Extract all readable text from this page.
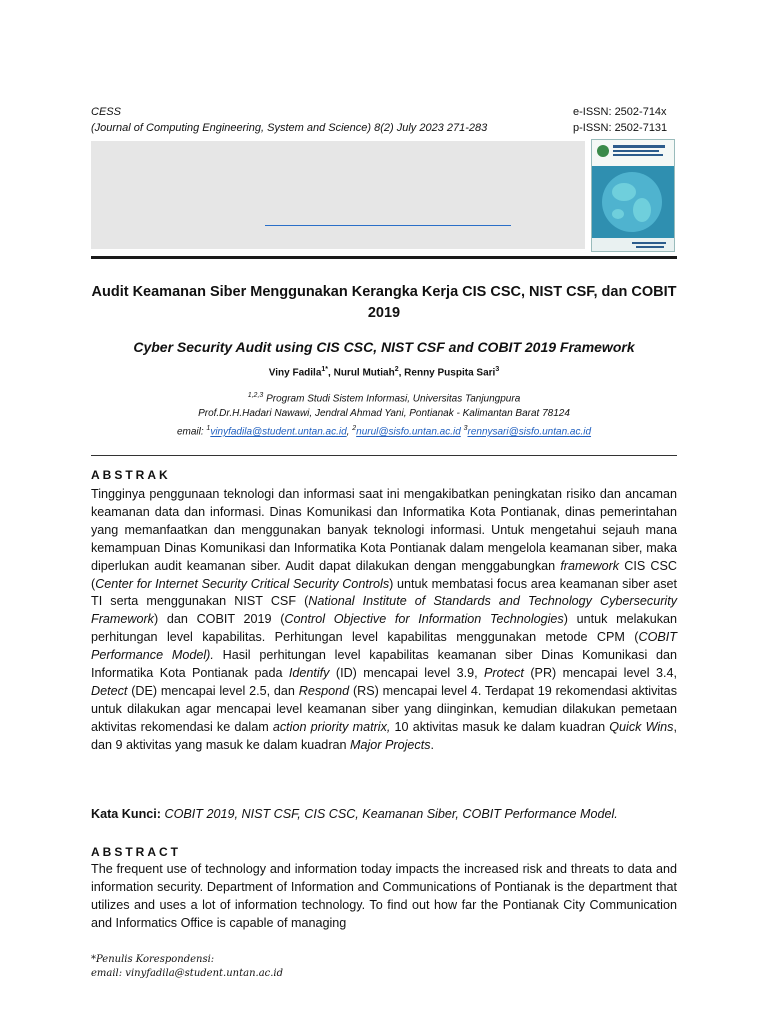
CESS
(Journal of Computing Engineering, System and Science) 8(2) July 2023 271-283
e-ISSN: 2502-714x
p-ISSN: 2502-7131
Audit Keamanan Siber Menggunakan Kerangka Kerja CIS CSC, NIST CSF, dan COBIT 2019
Cyber Security Audit using CIS CSC, NIST CSF and COBIT 2019 Framework
Viny Fadila$^{1*}$, Nurul Mutiah$^2$, Renny Puspita Sari$^3$
$^{1,2,3}$ Program Studi Sistem Informasi, Universitas Tanjungpura
Prof.Dr.H.Hadari Nawawi, Jendral Ahmad Yani, Pontianak - Kalimantan Barat 78124
email: $^1$vinyfadila@student.untan.ac.id, $^2$nurul@sisfo.untan.ac.id $^3$rennysari@sisfo.untan.ac.id
ABSTRAK
Tingginya penggunaan teknologi dan informasi saat ini mengakibatkan peningkatan risiko dan ancaman keamanan data dan informasi. Dinas Komunikasi dan Informatika Kota Pontianak, dinas pemerintahan yang memanfaatkan dan menggunakan banyak teknologi informasi. Untuk mengetahui sejauh mana kemampuan Dinas Komunikasi dan Informatika Kota Pontianak dalam mengelola keamanan siber, maka diperlukan audit keamanan siber. Audit dapat dilakukan dengan menggabungkan framework CIS CSC (Center for Internet Security Critical Security Controls) untuk membatasi focus area keamanan siber aset TI serta menggunakan NIST CSF (National Institute of Standards and Technology Cybersecurity Framework) dan COBIT 2019 (Control Objective for Information Technologies) untuk melakukan perhitungan level kapabilitas. Perhitungan level kapabilitas menggunakan metode CPM (COBIT Performance Model). Hasil perhitungan level kapabilitas keamanan siber Dinas Komunikasi dan Informatika Kota Pontianak pada Identify (ID) mencapai level 3.9, Protect (PR) mencapai level 3.4, Detect (DE) mencapai level 2.5, dan Respond (RS) mencapai level 4. Terdapat 19 rekomendasi aktivitas untuk dilakukan agar mencapai level keamanan siber yang diinginkan, kemudian dilakukan pemetaan aktivitas rekomendasi ke dalam action priority matrix, 10 aktivitas masuk ke dalam kuadran Quick Wins, dan 9 aktivitas yang masuk ke dalam kuadran Major Projects.
Kata Kunci: COBIT 2019, NIST CSF, CIS CSC, Keamanan Siber, COBIT Performance Model.
ABSTRACT
The frequent use of technology and information today impacts the increased risk and threats to data and information security. Department of Information and Communications of Pontianak is the department that utilizes and uses a lot of information technology. To find out how far the Pontianak City Communication and Informatics Office is capable of managing
*Penulis Korespondensi:
email: vinyfadila@student.untan.ac.id
